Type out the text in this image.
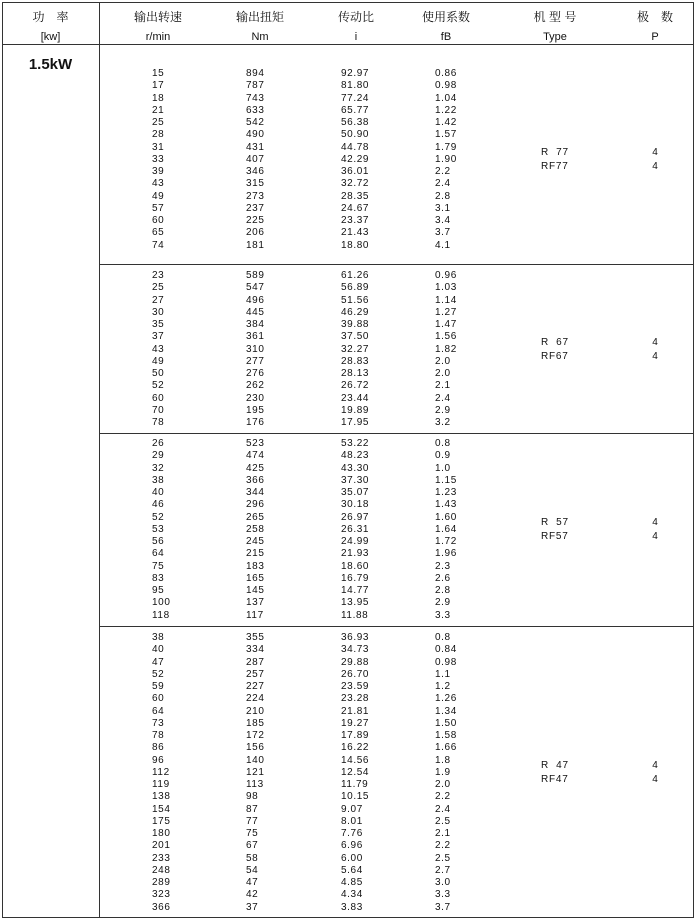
功　率
[kw]
输出转速
r/min
输出扭矩
Nm
传动比
i
使用系数
fB
机 型 号
Type
极　数
P
1.5kW
15
17
18
21
25
28
31
33
39
43
49
57
60
65
74
894
787
743
633
542
490
431
407
346
315
273
237
225
206
181
92.97
81.80
77.24
65.77
56.38
50.90
44.78
42.29
36.01
32.72
28.35
24.67
23.37
21.43
18.80
0.86
0.98
1.04
1.22
1.42
1.57
1.79
1.90
2.2
2.4
2.8
3.1
3.4
3.7
4.1
R  77
RF77
4
4
23
25
27
30
35
37
43
49
50
52
60
70
78
589
547
496
445
384
361
310
277
276
262
230
195
176
61.26
56.89
51.56
46.29
39.88
37.50
32.27
28.83
28.13
26.72
23.44
19.89
17.95
0.96
1.03
1.14
1.27
1.47
1.56
1.82
2.0
2.0
2.1
2.4
2.9
3.2
R  67
RF67
4
4
26
29
32
38
40
46
52
53
56
64
75
83
95
100
118
523
474
425
366
344
296
265
258
245
215
183
165
145
137
117
53.22
48.23
43.30
37.30
35.07
30.18
26.97
26.31
24.99
21.93
18.60
16.79
14.77
13.95
11.88
0.8
0.9
1.0
1.15
1.23
1.43
1.60
1.64
1.72
1.96
2.3
2.6
2.8
2.9
3.3
R  57
RF57
4
4
38
40
47
52
59
60
64
73
78
86
96
112
119
138
154
175
180
201
233
248
289
323
366
355
334
287
257
227
224
210
185
172
156
140
121
113
98
87
77
75
67
58
54
47
42
37
36.93
34.73
29.88
26.70
23.59
23.28
21.81
19.27
17.89
16.22
14.56
12.54
11.79
10.15
9.07
8.01
7.76
6.96
6.00
5.64
4.85
4.34
3.83
0.8
0.84
0.98
1.1
1.2
1.26
1.34
1.50
1.58
1.66
1.8
1.9
2.0
2.2
2.4
2.5
2.1
2.2
2.5
2.7
3.0
3.3
3.7
R  47
RF47
4
4
